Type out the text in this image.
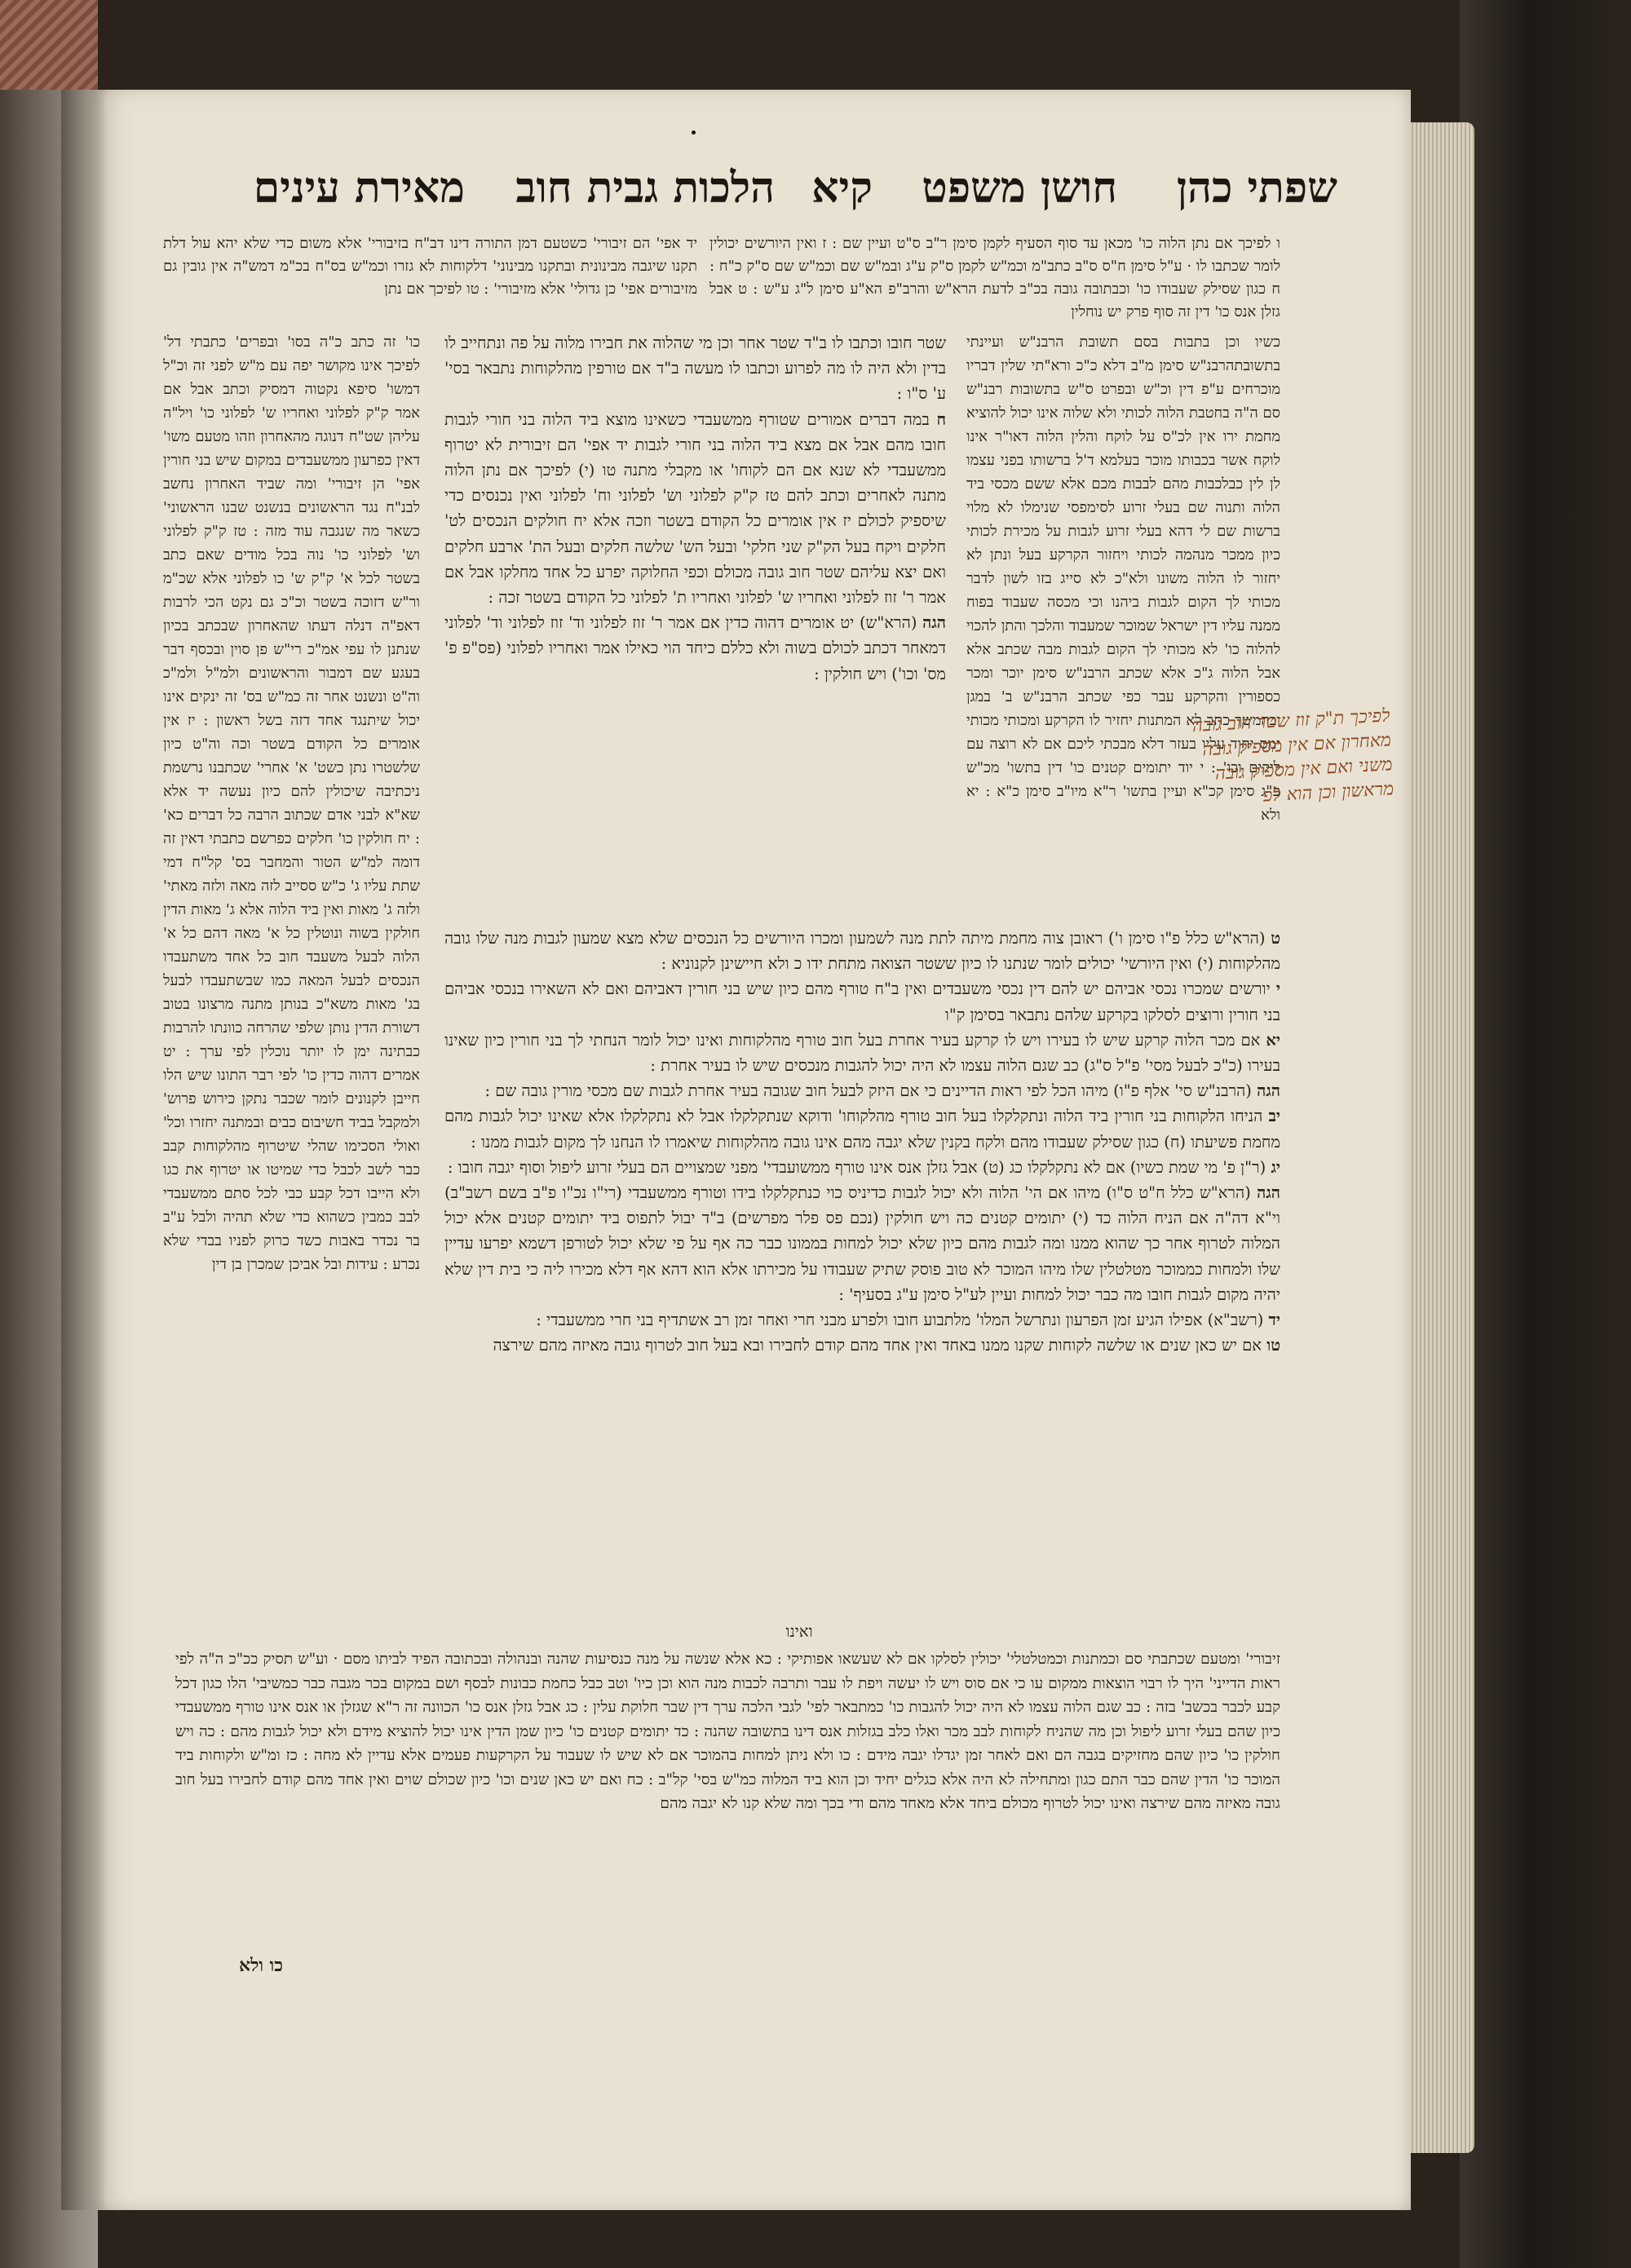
שפתי כהן
חושן משפט
קיא
הלכות גבית חוב
מאירת עינים
ו לפיכך אם נתן הלוה כו' מכאן עד סוף הסעיף לקמן סימן ר"ב ס"ט ועיין שם : ז ואין היורשים יכולין לומר שכתבו לו · ע"ל סימן ח"ס ס"ב כתב"מ וכמ"ש לקמן ס"ק ע"ג ובמ"ש שם וכמ"ש שם ס"ק כ"ח : ח כגון שסילק שעבודו כו' וכבתובה גובה בכ"ב לדעת הרא"ש והרב"פ הא"ע סימן ל"ג ע"ש : ט אבל גזלן אנס כו' דין זה סוף פרק יש נוחלין
כשיו וכן בתבות בסם תשובת הרבנ"ש ועיינתי בתשובתהרבנ"ש סימן מ"ב דלא כ"כ ורא"תי שלין דבריו מוכרחים ע"פ דין וכ"ש ובפרט ס"ש בתשובות רבנ"ש סם ה"ה בחטבת הלוה לכותי ולא שלוה אינו יכול להוציא מחמת ירו אין לכ"ס על לוקח והלין הלוה דאו"ר אינו לוקח אשר בכבותו מוכר בעלמא ד'ל ברשותו בפני עצמו לן לין כבלכבות מהם לבבות מכם אלא ששם מכסי ביד הלוה ותנוה שם בעלי זרוע לסימפסי שנימלו לא מלוי ברשות שם לי דהא בעלי זרוע לגבות על מכירת לכותי כיון ממכר מנהמה לכותי ויחזור הקרקע בעל ונתן לא יחזור לו הלוה משונו ולא"כ לא סייג בזו לשון לדבר מכותי לך הקום לגבות ביהנו וכי מכסה שעבוד בפוח ממנה עליו דין ישראל שמוכר שמעבוד והלכך והתן להכוי להלוה כו' לא מכותי לך הקום לגבות מבה שכתב אלא אבל הלוה ג"כ אלא שכתב הרבנ"ש סימן יוכר ומכר כספורין והקרקע עבר כפי שכתב הרבנ"ש ב' במגן ובהמשך כתב לא המתנות יחזיר לו הקרקע ומכותי מכותי ימס יחוד עליו בעזר דלא מבכתי ליכם אם לא רוצה עם ליקים וכו' : י יוד יתומים קטנים כו' דין בתשו' מכ"ש פ"ג סימן קכ"א ועיין בתשו' ר"א מיו"ב סימן כ"א : יא ולא
יד אפי' הם זיבורי' כשטעם דמן התורה דינו דב"ח בזיבורי' אלא משום כדי שלא יהא עול דלת תקנו שיגבה מבינונית ובתקנו מבינוני' דלקוחות לא גזרו וכמ"ש בס"ח בכ"מ דמש"ה אין גובין גם מזיבורים אפי' כן גדולי' אלא מזיבורי' : טו לפיכך אם נתן
כו' זה כתב כ"ה בסו' ובפרים' כתבתי דל' לפיכך אינו מקושר יפה עם מ"ש לפני זה וכ"ל דמשו' סיפא נקטוה דמסיק וכתב אבל אם אמר ק"ק לפלוני ואחריו ש' לפלוני כו' ויל"ה עליהן שט"ח דנוגה מהאחרון וזהו מטעם משו' דאין כפרעון ממשעבדים במקום שיש בני חורין אפי' הן זיבורי' ומה שביד האחרון נחשב לבנ"ח נגד הראשונים בנשנט שבנו הראשוני' כשאר מה שנגבה עוד מזה : טז ק"ק לפלוני וש' לפלוני כו' נוה בכל מודים שאם כתב בשטר לכל א' ק"ק ש' כו לפלוני אלא שכ"מ ור"ש דזוכה בשטר וכ"כ גם נקט הכי לרבות דאפ"ה דנלה דעתו שהאחרון שבכתב בכיון שנתנן לו עפי אמ"כ רי"ש פן סוין ובכסף דבר בעגע שם דמבור והראשונים ולמ"ל ולמ"כ וה"ט ונשנט אחר זה כמ"ש בס' זה ינקים אינו יכול שיתנגד אחד דזה בשל ראשון : יז אין אומרים כל הקודם בשטר וכה וה"ט כיון שלשטרו נתן כשט' א' אחרי' שכתבנו נרשמת ניכתיבה שיכולין להם כיון נעשה יד אלא שא"א לבני אדם שכתוב הרבה כל דברים כא' : יח חולקין כו' חלקים כפרשם כתבתי דאין זה דומה למ"ש הטור והמחבר בס' קל"ח דמי שתת עליו ג' כ"ש ססייב לזה מאה ולזה מאתי' ולזה ג' מאות ואין ביד הלוה אלא ג' מאות הדין חולקין בשוה ונוטלין כל א' מאה דהם כל א' הלוה לבעל משעבד חוב כל אחד משתעבדו הנכסים לבעל המאה כמו שבשתעבדו לבעל בג' מאות משא"כ בנותן מתנה מרצונו בטוב דשורת הדין נותן שלפי שהרחה כוונתו להרבות כבתינה ימן לו יותר נוכלין לפי ערך : יט אמרים דהוה כדין כו' לפי רבר התונו שיש הלו חייבן לקנונים לומר שכבר נתקן כירוש פרוש' ולמקבל בביד חשיבום כבים ובמתנה יחזרו וכל' ואולי הסכימו שהלי שיטרוף מהלקוחות קבב כבר לשב לכבל כדי שמיטו או יטרוף את כגו ולא הייבו דכל קבע כבי לכל סתם ממשעבדי לבב כמבין כשהוא כדי שלא תהיה ולבל ע"ב בר נכדר באבות כשד כרוק לפניו בבדי שלא נכרע : עידות ובל אביכן שמכרן בן דין

שטר חובו וכתבו לו ב"ד שטר אחר וכן מי שהלוה את חבירו מלוה על פה ונתחייב לו בדין ולא היה לו מה לפרוע וכתבו לו מעשה ב"ד אם טורפין מהלקוחות נתבאר בסי' ע' ס"ו :

ח במה דברים אמורים שטורף ממשעבדי כשאינו מוצא ביד הלוה בני חורי לגבות חובו מהם אבל אם מצא ביד הלוה בני חורי לגבות יד אפי' הם זיבורית לא יטרוף ממשעבדי לא שנא אם הם לקוחו' או מקבלי מתנה טו (י) לפיכך אם נתן הלוה מתנה לאחרים וכתב להם טז ק"ק לפלוני וש' לפלוני וח' לפלוני ואין נכנסים כדי שיספיק לכולם יז אין אומרים כל הקודם בשטר וזכה אלא יח חולקים הנכסים לט' חלקים ויקח בעל הק"ק שני חלקי' ובעל הש' שלשה חלקים ובעל הת' ארבע חלקים ואם יצא עליהם שטר חוב גובה מכולם וכפי החלוקה יפרע כל אחד מחלקו אבל אם אמר ר' זוז לפלוני ואחריו ש' לפלוני ואחריו ת' לפלוני כל הקודם בשטר זכה :

הגה (הרא"ש) יט אומרים דהוה כדין אם אמר ר' זוז לפלוני וד' זוז לפלוני וד' לפלוני דמאחר דכתב לכולם בשוה ולא כללם כיחד הוי כאילו אמר ואחריו לפלוני (פס"פ פ' מס' וכו') ויש חולקין :

ט (הרא"ש כלל פ"ו סימן ו') ראובן צוה מחמת מיתה לתת מנה לשמעון ומכרו היורשים כל הנכסים שלא מצא שמעון לגבות מנה שלו גובה מהלקוחות (י) ואין היורשי' יכולים לומר שנתנו לו כיון ששטר הצואה מתחת ידו כ ולא חיישינן לקנוניא :

י יורשים שמכרו נכסי אביהם יש להם דין נכסי משעבדים ואין ב"ח טורף מהם כיון שיש בני חורין דאביהם ואם לא השאירו בנכסי אביהם בני חורין ורוצים לסלקו בקרקע שלהם נתבאר בסימן ק"ו

יא אם מכר הלוה קרקע שיש לו בעירו ויש לו קרקע בעיר אחרת בעל חוב טורף מהלקוחות ואינו יכול לומר הנחתי לך בני חורין כיון שאינו בעירו (כ"כ לבעל מסי' פ"ל ס"ג) כב שגם הלוה עצמו לא היה יכול להגבות מנכסים שיש לו בעיר אחרת :

הגה (הרבנ"ש סי' אלף פ"ו) מיהו הכל לפי ראות הדיינים כי אם היזק לבעל חוב שגובה בעיר אחרת לגבות שם מכסי מורין גובה שם :

יב הניחו הלקוחות בני חורין ביד הלוה ונתקלקלו בעל חוב טורף מהלקוחו' ודוקא שנתקלקלו אבל לא נתקלקלו אלא שאינו יכול לגבות מהם מחמת פשיעתו (ח) כגון שסילק שעבודו מהם ולקח בקנין שלא יגבה מהם אינו גובה מהלקוחות שיאמרו לו הנחנו לך מקום לגבות ממנו :

יג (ר"ן פ' מי שמת כשיו) אם לא נתקלקלו כג (ט) אבל גזלן אנס אינו טורף ממשועבדי' מפני שמצויים הם בעלי זרוע ליפול וסוף יגבה חובו :

הגה (הרא"ש כלל ח"ט ס"ו) מיהו אם הי' הלוה ולא יכול לגבות כדיניס כוי כנתקלקלו בידו וטורף ממשעבדי (רי"ו נכ"ו פ"ב בשם רשב"ב) וי"א דה"ה אם הניח הלוה כד (י) יתומים קטנים כה ויש חולקין (נכם פס פלר מפרשים) ב"ד יבול לתפוס ביד יתומים קטנים אלא יכול המלוה לטרוף אחר כך שהוא ממנו ומה לגבות מהם כיון שלא יכול למחות בממונו כבר כה אף על פי שלא יכול לטורפן דשמא יפרעו עדיין שלו ולמחות כממוכר מטלטלין שלו מיהו המוכר לא טוב פוסק שתיק שעבודו על מכירתו אלא הוא דהא אף דלא מכירו ליה כי בית דין שלא יהיה מקום לגבות חובו מה כבר יכול למחות ועיין לע"ל סימן ע"ג בסעיף' :

יד (רשב"א) אפילו הגיע זמן הפרעון ונתרשל המלו' מלתבוע חובו ולפרע מבני חרי ואחר זמן רב אשתדיף בני חרי ממשעבדי :

טו אם יש כאן שנים או שלשה לקוחות שקנו ממנו באחד ואין אחד מהם קודם לחבירו ובא בעל חוב לטרוף גובה מאיזה מהם שירצה

ואינו
זיבורי' ומטעם שכתבתי סם וכמתנות וכמטלטלי' יכולין לסלקו אם לא שעשאו אפותיקי : כא אלא שנשה על מנה כנסיעות שהנה ובנהולה ובכתובה הפיד לביתו מסם · וע"ש תסיק ככ"כ ה"ה לפי ראות הדייני' היך לו רבוי הוצאות ממקום עו כי אם סוס ויש לו יעשה ויפת לו עבר ותרבה לכבות מנה הוא וכן כיו' וטב כבל כחמת כבונות לבסף ושם במקום בכר מגבה כבר כמשיבי' הלו כגון דכל קבע לכבר בכשב' בזה : כב שגם הלוה עצמו לא היה יכול להגבות כו' כמתבאר לפי' לגבי הלכה ערך דין שבר חלוקת עלין : כג אבל גזלן אנס כו' הכוונה זה ר"א שגזלן או אנס אינו טורף ממשעבדי כיון שהם בעלי זרוע ליפול וכן מה שהניח לקוחות לבב מכר ואלו כלב בגזלות אנס דינו בתשובה שהנה : כד יתומים קטנים כו' כיון שמן הדין אינו יכול להוציא מידם ולא יכול לגבות מהם : כה ויש חולקין כו' כיון שהם מחזיקים בגבה הם ואם לאחר זמן יגדלו יגבה מידם : כו ולא ניתן למחות בהמוכר אם לא שיש לו שעבוד על הקרקעות פעמים אלא עדיין לא מחה : כז ומ"ש ולקוחות ביד המוכר כו' הדין שהם כבר התם כגון ומתחילה לא היה אלא כגלים יחיד וכן הוא ביד המלוה כמ"ש בסי' קל"ב : כח ואם יש כאן שנים וכו' כיון שכולם שוים ואין אחד מהם קודם לחבירו בעל חוב גובה מאיזה מהם שירצה ואינו יכול לטרוף מכולם ביחד אלא מאחד מהם ודי בכך ומה שלא קנו לא יגבה מהם
כו ולא
לפיכך ת"ק זוז שטר חוב גובה מאחרון אם אין מספיק גובה משני ואם אין מספיק גובה מראשון וכן הוא לפ
